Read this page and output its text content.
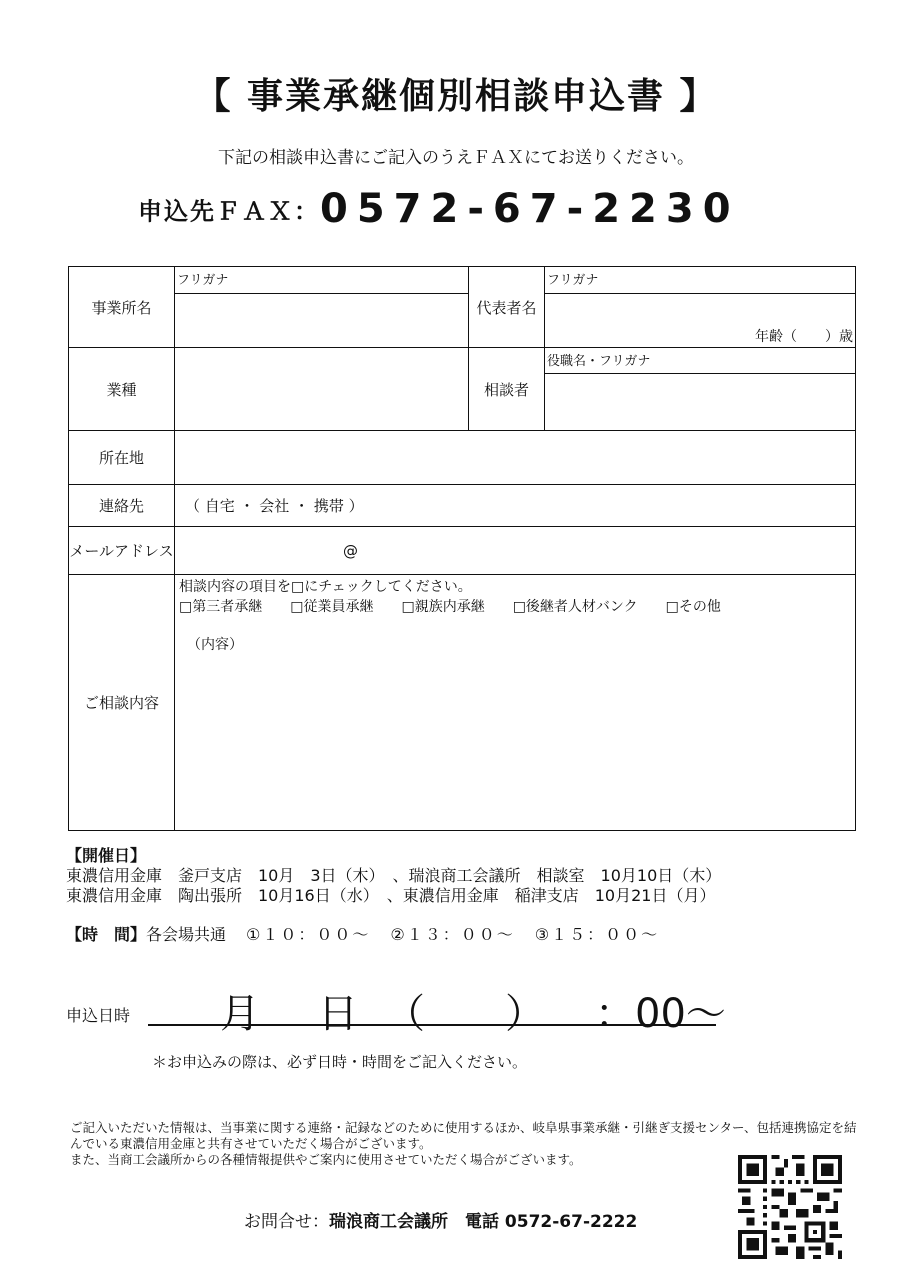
【 事業承継個別相談申込書 】
下記の相談申込書にご記入のうえＦＡＸにてお送りください。
申込先ＦＡＸ：0572-67-2230
事業所名	フリガナ	代表者名	フリガナ
			年齢（　　）歳
業種		相談者	役職名・フリガナ

所在地			
連絡先	（ 自宅 ・ 会社 ・ 携帯 ）		
メールアドレス	@		
ご相談内容	相談内容の項目を□にチェックしてください。
□第三者承継 □従業員承継 □親族内承継 □後継者人材バンク □その他
（内容）		
【開催日】
東濃信用金庫　釜戸支店　10月　3日（木）　、瑞浪商工会議所　相談室　10月10日（木）
東濃信用金庫　陶出張所　10月16日（水）　、東濃信用金庫　稲津支店　10月21日（月）
【時　間】各会場共通 ①１０：００～ ②１３：００～ ③１５：００～
申込日時 月 日 （　　） ：00～
＊お申込みの際は、必ず日時・時間をご記入ください。
ご記入いただいた情報は、当事業に関する連絡・記録などのために使用するほか、岐阜県事業承継・引継ぎ支援センター、包括連携協定を結んでいる東濃信用金庫と共有させていただく場合がございます。
また、当商工会議所からの各種情報提供やご案内に使用させていただく場合がございます。
お問合せ：瑞浪商工会議所　 電話 0572-67-2222
